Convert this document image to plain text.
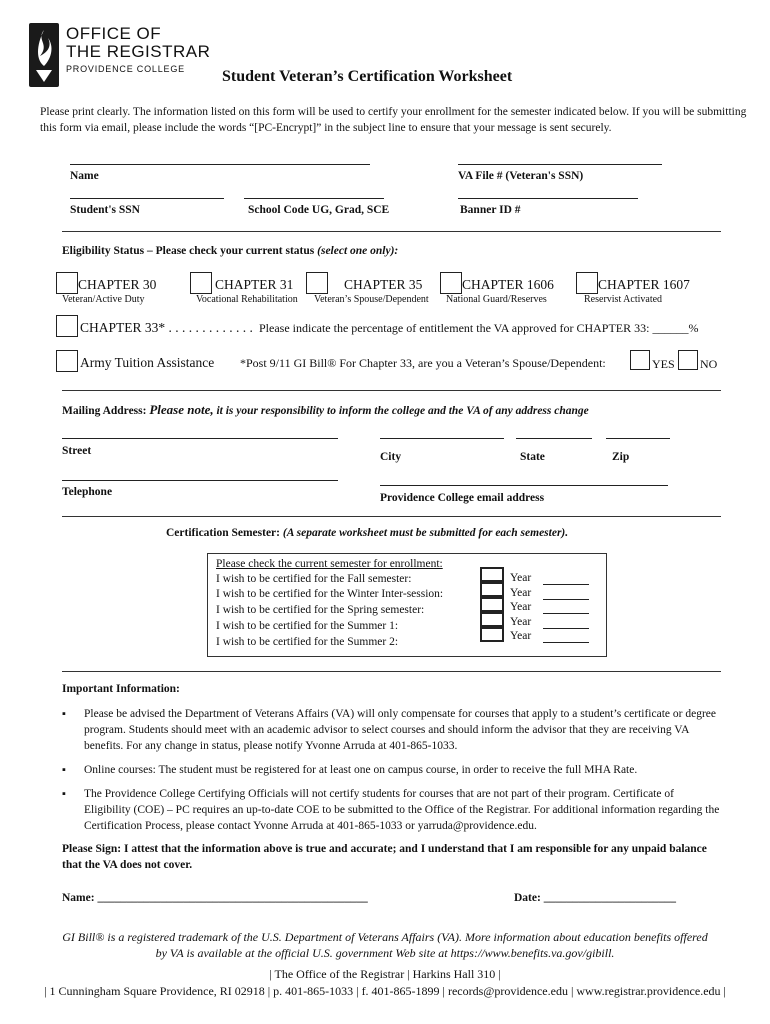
OFFICE OF
THE REGISTRAR
PROVIDENCE COLLEGE Student Veteran’s Certification Worksheet
Please print clearly. The information listed on this form will be used to certify your enrollment for the semester indicated below. If you will be submitting this form via email, please include the words “[PC-Encrypt]” in the subject line to ensure that your message is sent securely.
Name	VA File # (Veteran's SSN)
Student's SSN	School Code UG, Grad, SCE	Banner ID #
Eligibility Status – Please check your current status (select one only):
CHAPTER 30
Veteran/Active Duty
CHAPTER 31
Vocational Rehabilitation
CHAPTER 35
Veteran’s Spouse/Dependent
CHAPTER 1606
National Guard/Reserves
CHAPTER 1607
Reservist Activated
CHAPTER 33* . . . . . . . . . . . . . Please indicate the percentage of entitlement the VA approved for CHAPTER 33: ______%
Army Tuition Assistance *Post 9/11 GI Bill® For Chapter 33, are you a Veteran’s Spouse/Dependent:	YES NO
Mailing Address: Please note, it is your responsibility to inform the college and the VA of any address change
Street	City	State	Zip
Telephone	Providence College email address
Certification Semester: (A separate worksheet must be submitted for each semester).
Please check the current semester for enrollment:
I wish to be certified for the Fall semester:
I wish to be certified for the Winter Inter-session:
I wish to be certified for the Spring semester:
I wish to be certified for the Summer 1:
I wish to be certified for the Summer 2:
Year
Year
Year
Year
Year
Important Information:
▪ Please be advised the Department of Veterans Affairs (VA) will only compensate for courses that apply to a student’s certificate or degree program. Students should meet with an academic advisor to select courses and should inform the advisor that they are receiving VA benefits. For any change in status, please notify Yvonne Arruda at 401-865-1033.
▪ Online courses: The student must be registered for at least one on campus course, in order to receive the full MHA Rate.
▪ The Providence College Certifying Officials will not certify students for courses that are not part of their program. Certificate of Eligibility (COE) – PC requires an up-to-date COE to be submitted to the Office of the Registrar. For additional information regarding the Certification Process, please contact Yvonne Arruda at 401-865-1033 or yarruda@providence.edu.
Please Sign: I attest that the information above is true and accurate; and I understand that I am responsible for any unpaid balance that the VA does not cover.
Name: _______________________________________________	Date: _______________________
GI Bill® is a registered trademark of the U.S. Department of Veterans Affairs (VA). More information about education benefits offered by VA is available at the official U.S. government Web site at https://www.benefits.va.gov/gibill.
| The Office of the Registrar | Harkins Hall 310 |
| 1 Cunningham Square Providence, RI 02918 | p. 401-865-1033 | f. 401-865-1899 | records@providence.edu | www.registrar.providence.edu |
